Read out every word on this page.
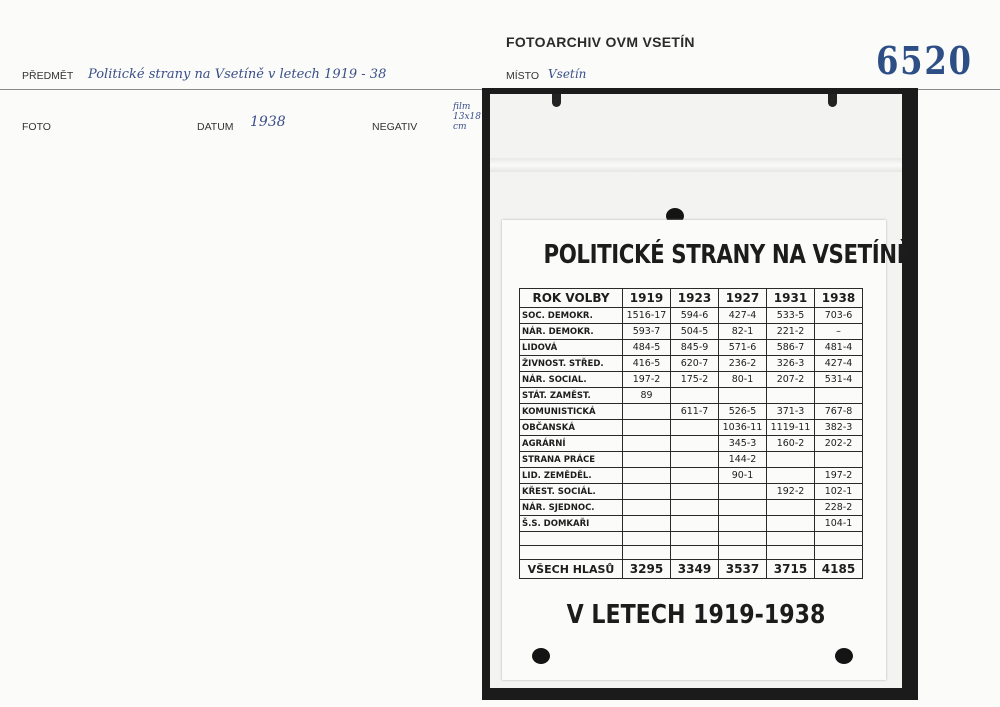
FOTOARCHIV OVM VSETÍN	6520
PŘEDMĚT Politické strany na Vsetíně v letech 1919 - 38	MÍSTO Vsetín
FOTO	DATUM 1938	NEGATIV
film 13x18 cm
POLITICKÉ STRANY NA VSETÍNĚ
ROK VOLBY	1919	1923	1927	1931	1938
SOC. DEMOKR.	1516-17	594-6	427-4	533-5	703-6
NÁR. DEMOKR.	593-7	504-5	82-1	221-2	–
LIDOVÁ	484-5	845-9	571-6	586-7	481-4
ŽIVNOST. STŘED.	416-5	620-7	236-2	326-3	427-4
NÁR. SOCIAL.	197-2	175-2	80-1	207-2	531-4
STÁT. ZAMĚST.	89				
KOMUNISTICKÁ		611-7	526-5	371-3	767-8
OBČANSKÁ			1036-11	1119-11	382-3
AGRÁRNÍ			345-3	160-2	202-2
STRANA PRÁCE			144-2		
LID. ZEMĚDĚL.			90-1		197-2
KŘEST. SOCIÁL.				192-2	102-1
NÁR. SJEDNOC.					228-2
Š.S. DOMKAŘI					104-1

VŠECH HLASŮ	3295	3349	3537	3715	4185
V LETECH 1919-1938
